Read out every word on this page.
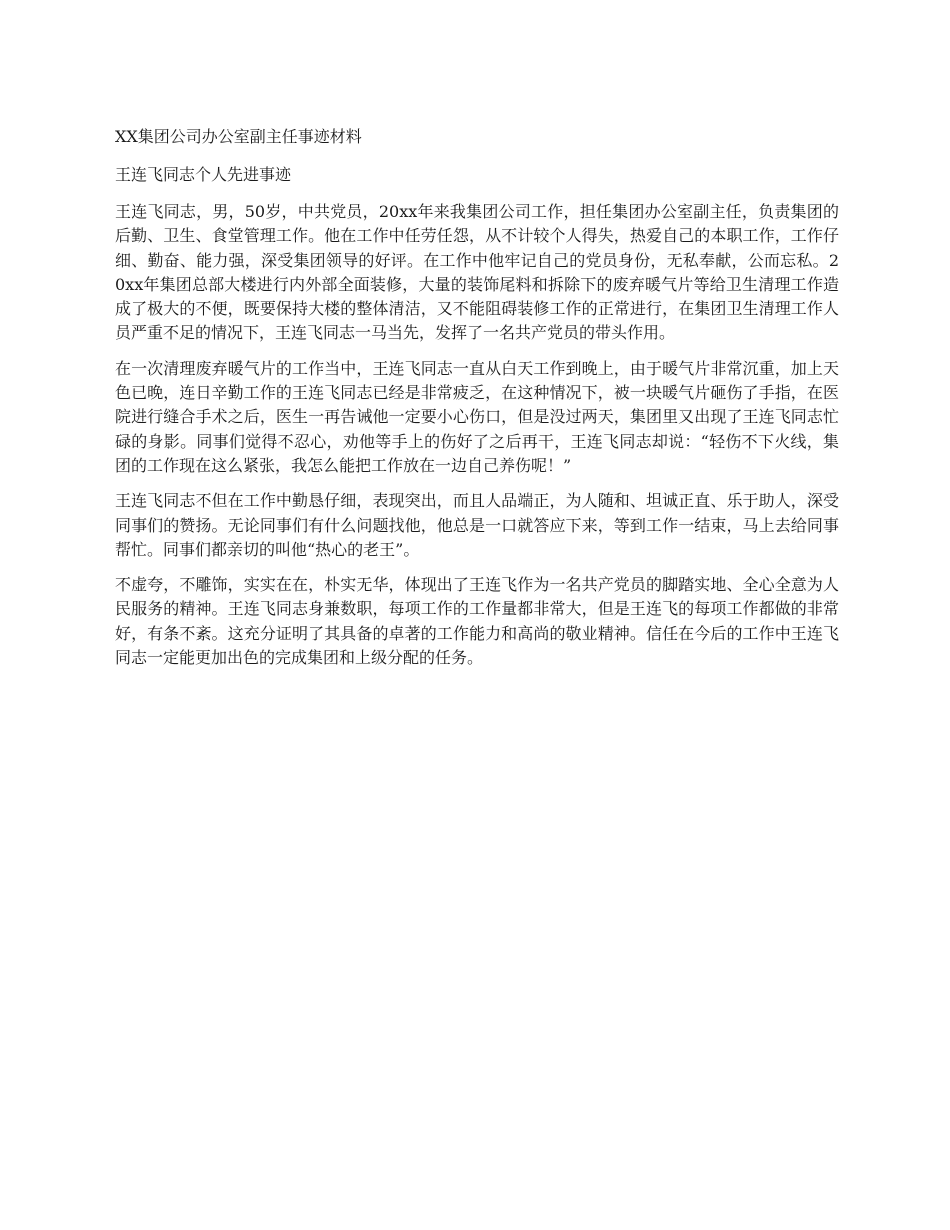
XX集团公司办公室副主任事迹材料
王连飞同志个人先进事迹

王连飞同志，男，50岁，中共党员，20xx年来我集团公司工作，担任集团办公室副主任，负责集团的后勤、卫生、食堂管理工作。他在工作中任劳任怨，从不计较个人得失，热爱自己的本职工作，工作仔细、勤奋、能力强，深受集团领导的好评。在工作中他牢记自己的党员身份，无私奉献，公而忘私。20xx年集团总部大楼进行内外部全面装修，大量的装饰尾料和拆除下的废弃暖气片等给卫生清理工作造成了极大的不便，既要保持大楼的整体清洁，又不能阻碍装修工作的正常进行，在集团卫生清理工作人员严重不足的情况下，王连飞同志一马当先，发挥了一名共产党员的带头作用。

在一次清理废弃暖气片的工作当中，王连飞同志一直从白天工作到晚上，由于暖气片非常沉重，加上天色已晚，连日辛勤工作的王连飞同志已经是非常疲乏，在这种情况下，被一块暖气片砸伤了手指，在医院进行缝合手术之后，医生一再告诫他一定要小心伤口，但是没过两天，集团里又出现了王连飞同志忙碌的身影。同事们觉得不忍心，劝他等手上的伤好了之后再干，王连飞同志却说：“轻伤不下火线，集团的工作现在这么紧张，我怎么能把工作放在一边自己养伤呢！”

王连飞同志不但在工作中勤恳仔细，表现突出，而且人品端正，为人随和、坦诚正直、乐于助人，深受同事们的赞扬。无论同事们有什么问题找他，他总是一口就答应下来，等到工作一结束，马上去给同事帮忙。同事们都亲切的叫他“热心的老王”。

不虚夸，不雕饰，实实在在，朴实无华，体现出了王连飞作为一名共产党员的脚踏实地、全心全意为人民服务的精神。王连飞同志身兼数职，每项工作的工作量都非常大，但是王连飞的每项工作都做的非常好，有条不紊。这充分证明了其具备的卓著的工作能力和高尚的敬业精神。信任在今后的工作中王连飞同志一定能更加出色的完成集团和上级分配的任务。
